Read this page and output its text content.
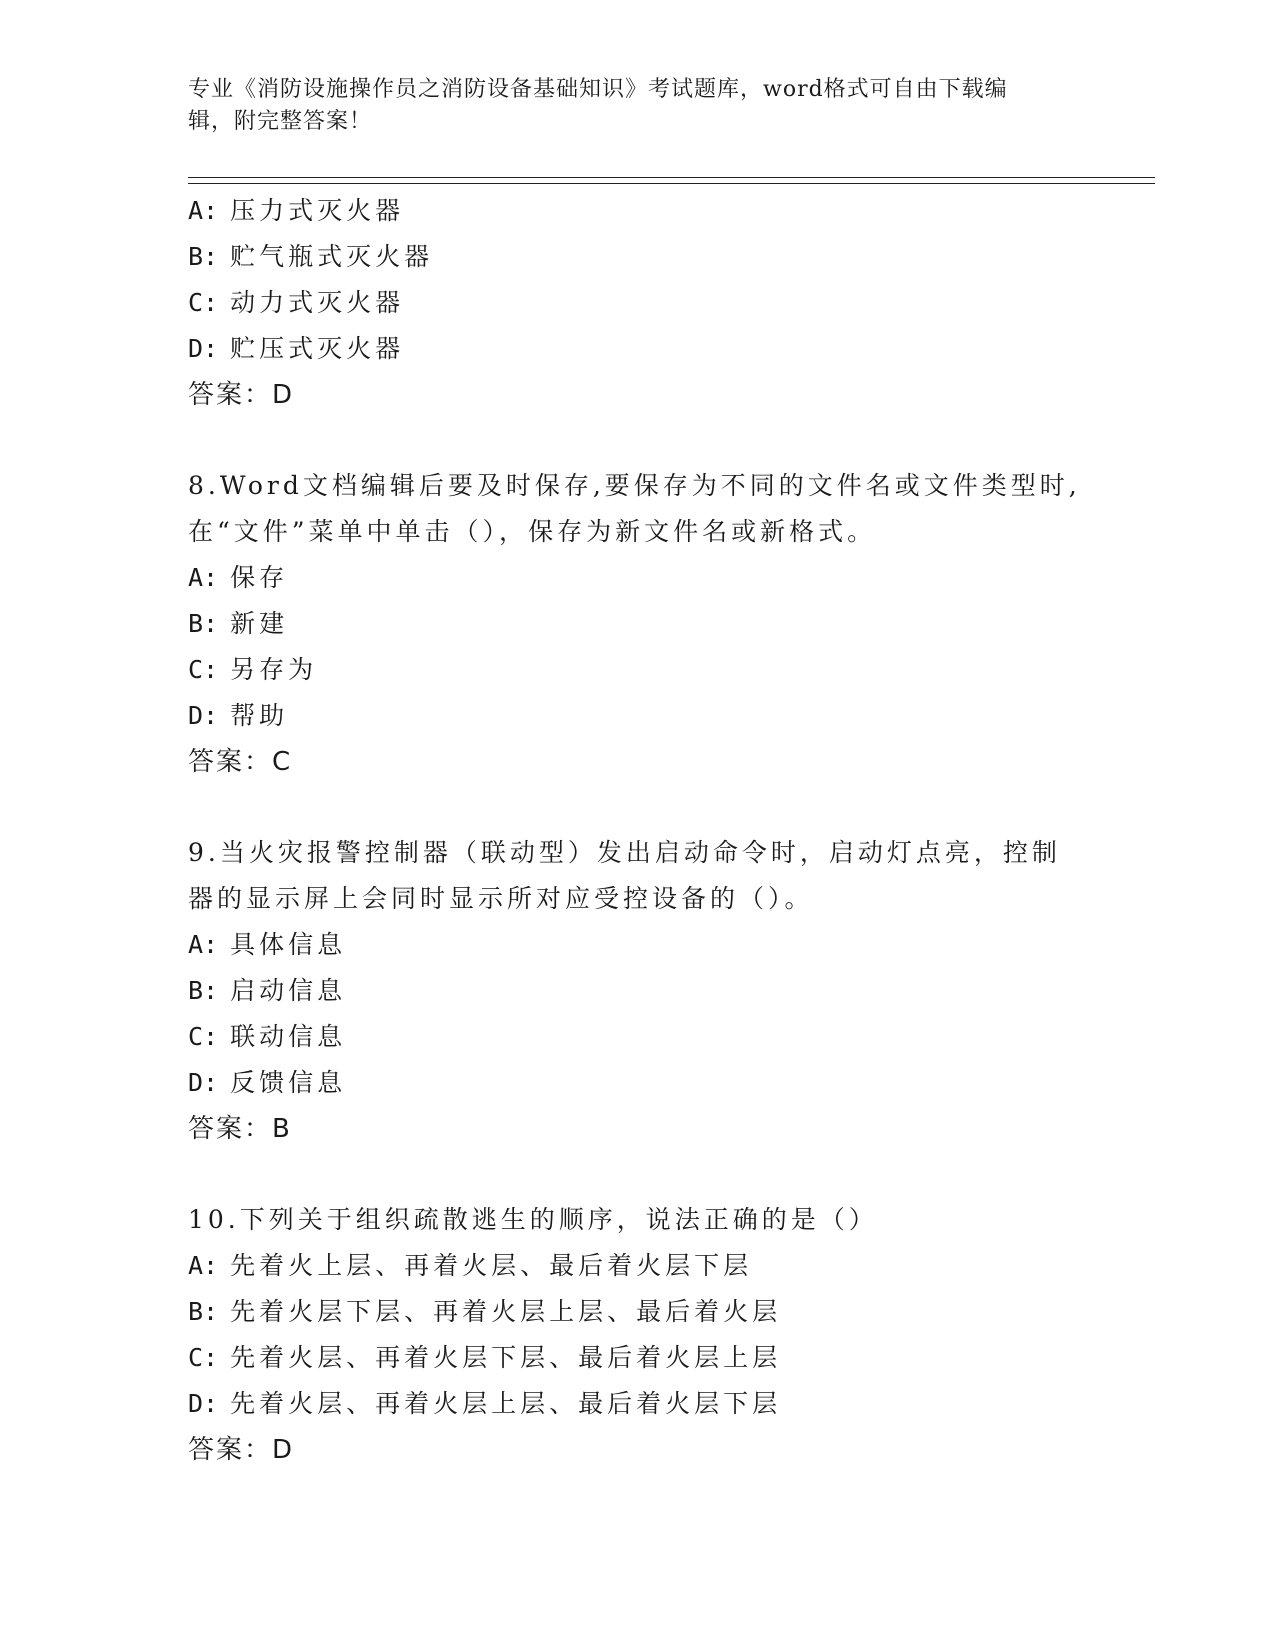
专业《消防设施操作员之消防设备基础知识》考试题库，word格式可自由下载编
辑，附完整答案！
A: 压力式灭火器
B: 贮气瓶式灭火器
C: 动力式灭火器
D: 贮压式灭火器
答案：D
8.Word文档编辑后要及时保存,要保存为不同的文件名或文件类型时,
在“文件”菜单中单击（），保存为新文件名或新格式。
A: 保存
B: 新建
C: 另存为
D: 帮助
答案：C
9.当火灾报警控制器（联动型）发出启动命令时，启动灯点亮，控制
器的显示屏上会同时显示所对应受控设备的（）。
A: 具体信息
B: 启动信息
C: 联动信息
D: 反馈信息
答案：B
10.下列关于组织疏散逃生的顺序，说法正确的是（）
A: 先着火上层、再着火层、最后着火层下层
B: 先着火层下层、再着火层上层、最后着火层
C: 先着火层、再着火层下层、最后着火层上层
D: 先着火层、再着火层上层、最后着火层下层
答案：D
